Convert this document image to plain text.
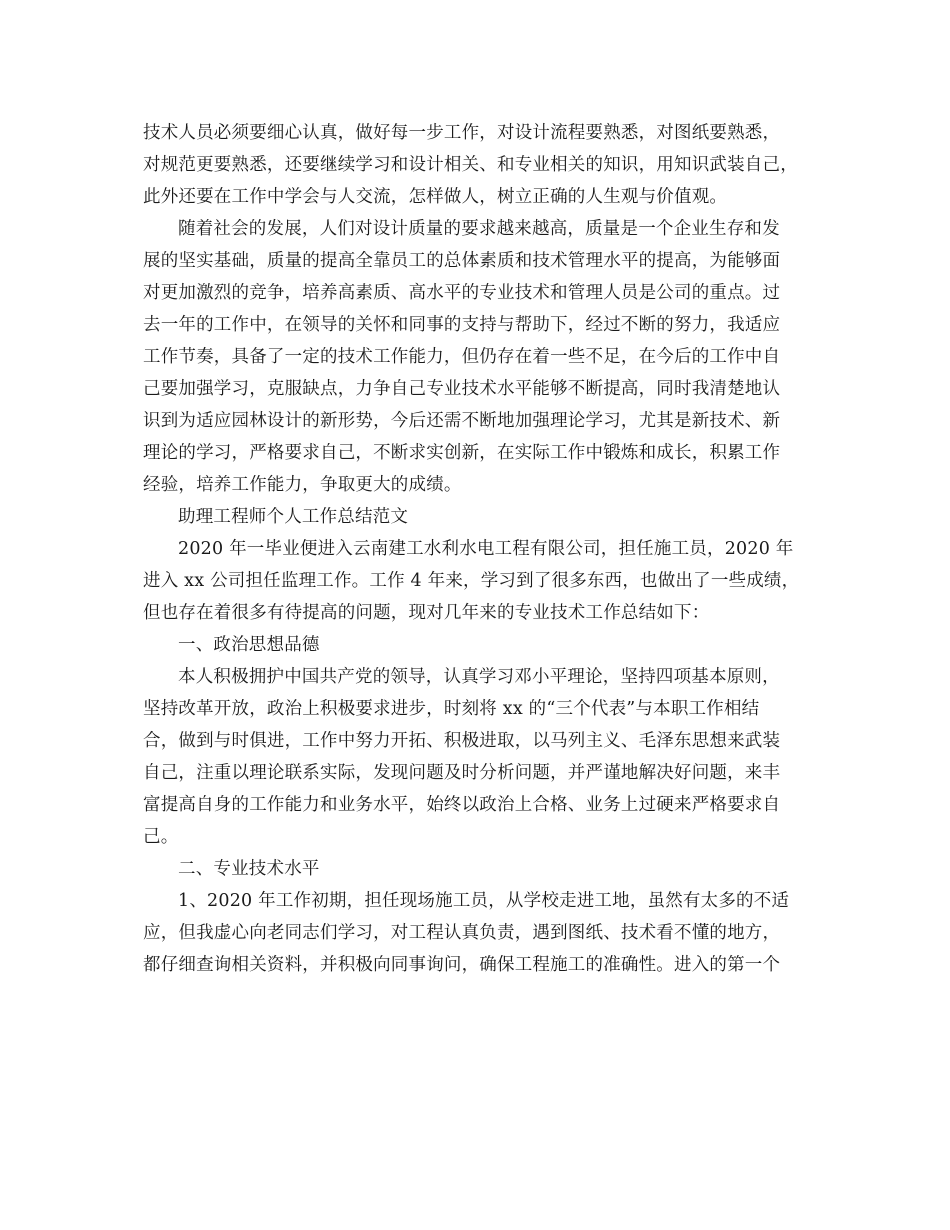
技术人员必须要细心认真，做好每一步工作，对设计流程要熟悉，对图纸要熟悉，
对规范更要熟悉，还要继续学习和设计相关、和专业相关的知识，用知识武装自己，
此外还要在工作中学会与人交流，怎样做人，树立正确的人生观与价值观。
随着社会的发展，人们对设计质量的要求越来越高，质量是一个企业生存和发
展的坚实基础，质量的提高全靠员工的总体素质和技术管理水平的提高，为能够面
对更加激烈的竞争，培养高素质、高水平的专业技术和管理人员是公司的重点。过
去一年的工作中，在领导的关怀和同事的支持与帮助下，经过不断的努力，我适应
工作节奏，具备了一定的技术工作能力，但仍存在着一些不足，在今后的工作中自
己要加强学习，克服缺点，力争自己专业技术水平能够不断提高，同时我清楚地认
识到为适应园林设计的新形势，今后还需不断地加强理论学习，尤其是新技术、新
理论的学习，严格要求自己，不断求实创新，在实际工作中锻炼和成长，积累工作
经验，培养工作能力，争取更大的成绩。
助理工程师个人工作总结范文
2020 年一毕业便进入云南建工水利水电工程有限公司，担任施工员，2020 年
进入 xx 公司担任监理工作。工作 4 年来，学习到了很多东西，也做出了一些成绩，
但也存在着很多有待提高的问题，现对几年来的专业技术工作总结如下：
一、政治思想品德
本人积极拥护中国共产党的领导，认真学习邓小平理论，坚持四项基本原则，
坚持改革开放，政治上积极要求进步，时刻将 xx 的“三个代表”与本职工作相结
合，做到与时俱进，工作中努力开拓、积极进取，以马列主义、毛泽东思想来武装
自己，注重以理论联系实际，发现问题及时分析问题，并严谨地解决好问题，来丰
富提高自身的工作能力和业务水平，始终以政治上合格、业务上过硬来严格要求自
己。
二、专业技术水平
1、2020 年工作初期，担任现场施工员，从学校走进工地，虽然有太多的不适
应，但我虚心向老同志们学习，对工程认真负责，遇到图纸、技术看不懂的地方，
都仔细查询相关资料，并积极向同事询问，确保工程施工的准确性。进入的第一个
